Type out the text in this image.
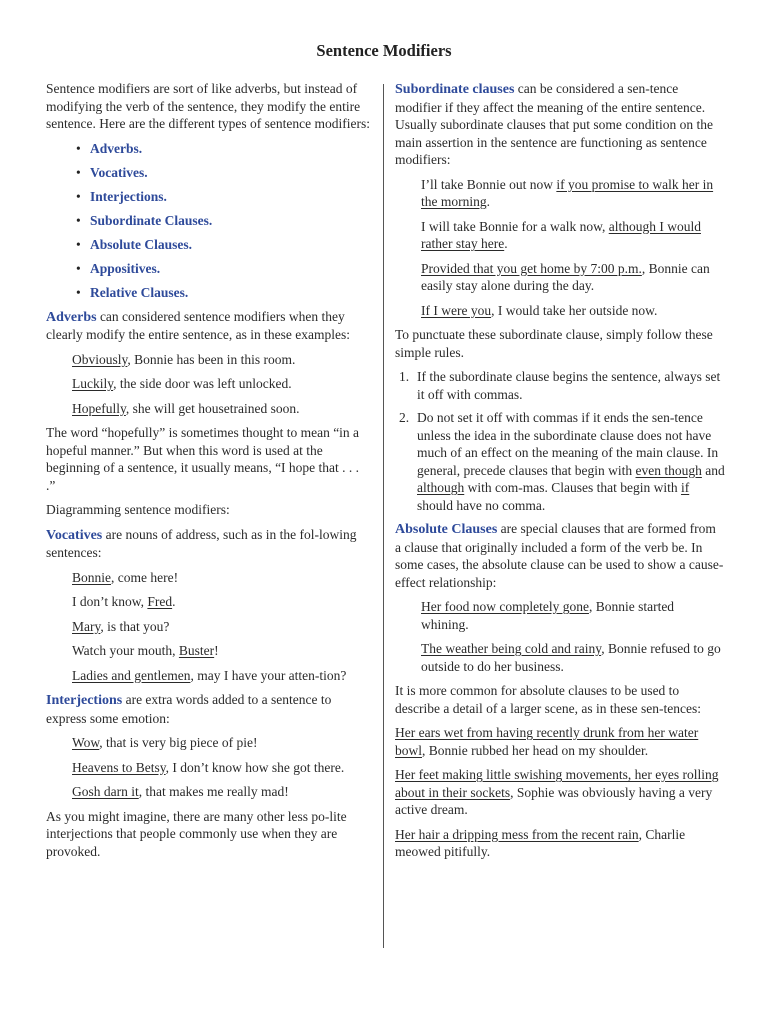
Sentence Modifiers

Sentence modifiers are sort of like adverbs, but instead of modifying the verb of the sentence, they modify the entire sentence. Here are the different types of sentence modifiers:

• Adverbs.
• Vocatives.
• Interjections.
• Subordinate Clauses.
• Absolute Clauses.
• Appositives.
• Relative Clauses.

Adverbs can considered sentence modifiers when they clearly modify the entire sentence, as in these examples:

Obviously, Bonnie has been in this room.

Luckily, the side door was left unlocked.

Hopefully, she will get housetrained soon.

The word “hopefully” is sometimes thought to mean “in a hopeful manner.” But when this word is used at the beginning of a sentence, it usually means, “I hope that . . . .”

Diagramming sentence modifiers:

Vocatives are nouns of address, such as in the fol-lowing sentences:

Bonnie, come here!

I don’t know, Fred.

Mary, is that you?

Watch your mouth, Buster!

Ladies and gentlemen, may I have your atten-tion?

Interjections are extra words added to a sentence to express some emotion:

Wow, that is very big piece of pie!

Heavens to Betsy, I don’t know how she got there.

Gosh darn it, that makes me really mad!

As you might imagine, there are many other less po-lite interjections that people commonly use when they are provoked.

Subordinate clauses can be considered a sen-tence modifier if they affect the meaning of the entire sentence. Usually subordinate clauses that put some condition on the main assertion in the sentence are functioning as sentence modifiers:

I’ll take Bonnie out now if you promise to walk her in the morning.

I will take Bonnie for a walk now, although I would rather stay here.

Provided that you get home by 7:00 p.m., Bonnie can easily stay alone during the day.

If I were you, I would take her outside now.

To punctuate these subordinate clause, simply follow these simple rules.

1. If the subordinate clause begins the sentence, always set it off with commas.
2. Do not set it off with commas if it ends the sen-tence unless the idea in the subordinate clause does not have much of an effect on the meaning of the main clause. In general, precede clauses that begin with even though and although with com-mas. Clauses that begin with if should have no comma.

Absolute Clauses are special clauses that are formed from a clause that originally included a form of the verb be. In some cases, the absolute clause can be used to show a cause-effect relationship:

Her food now completely gone, Bonnie started whining.

The weather being cold and rainy, Bonnie refused to go outside to do her business.

It is more common for absolute clauses to be used to describe a detail of a larger scene, as in these sen-tences:

Her ears wet from having recently drunk from her water bowl, Bonnie rubbed her head on my shoulder.

Her feet making little swishing movements, her eyes rolling about in their sockets, Sophie was obviously having a very active dream.

Her hair a dripping mess from the recent rain, Charlie meowed pitifully.
